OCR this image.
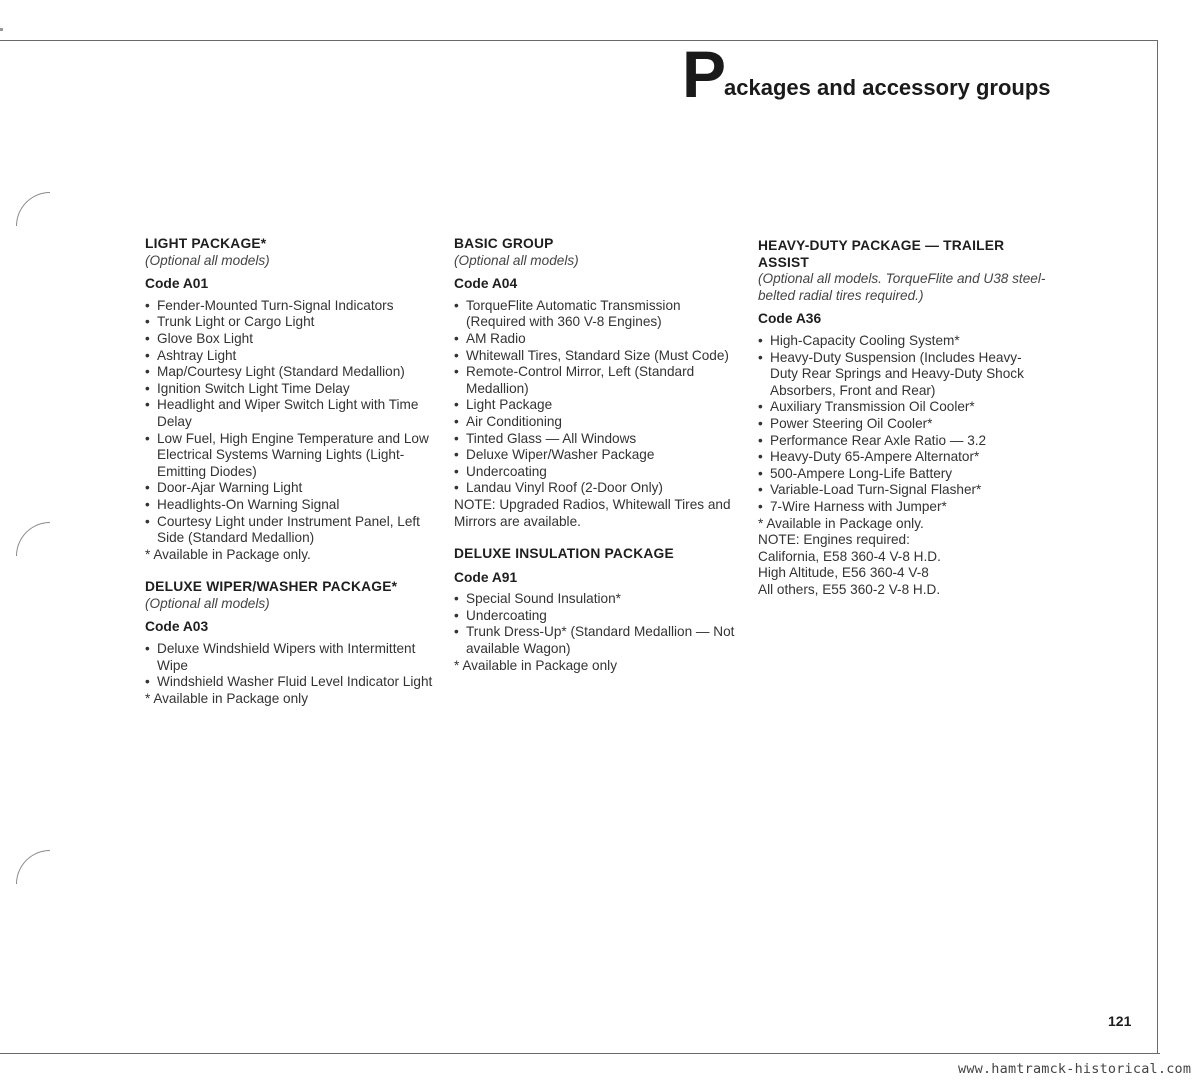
P ackages and accessory groups
LIGHT PACKAGE*
(Optional all models)
Code A01
• Fender-Mounted Turn-Signal Indicators
• Trunk Light or Cargo Light
• Glove Box Light
• Ashtray Light
• Map/Courtesy Light (Standard Medallion)
• Ignition Switch Light Time Delay
• Headlight and Wiper Switch Light with Time Delay
• Low Fuel, High Engine Temperature and Low Electrical Systems Warning Lights (Light-Emitting Diodes)
• Door-Ajar Warning Light
• Headlights-On Warning Signal
• Courtesy Light under Instrument Panel, Left Side (Standard Medallion)
* Available in Package only.
DELUXE WIPER/WASHER PACKAGE*
(Optional all models)
Code A03
• Deluxe Windshield Wipers with Intermittent Wipe
• Windshield Washer Fluid Level Indicator Light
* Available in Package only
BASIC GROUP
(Optional all models)
Code A04
• TorqueFlite Automatic Transmission (Required with 360 V-8 Engines)
• AM Radio
• Whitewall Tires, Standard Size (Must Code)
• Remote-Control Mirror, Left (Standard Medallion)
• Light Package
• Air Conditioning
• Tinted Glass — All Windows
• Deluxe Wiper/Washer Package
• Undercoating
• Landau Vinyl Roof (2-Door Only)
NOTE: Upgraded Radios, Whitewall Tires and Mirrors are available.
DELUXE INSULATION PACKAGE
Code A91
• Special Sound Insulation*
• Undercoating
• Trunk Dress-Up* (Standard Medallion — Not available Wagon)
* Available in Package only
HEAVY-DUTY PACKAGE — TRAILER ASSIST
(Optional all models. TorqueFlite and U38 steel-belted radial tires required.)
Code A36
• High-Capacity Cooling System*
• Heavy-Duty Suspension (Includes Heavy-Duty Rear Springs and Heavy-Duty Shock Absorbers, Front and Rear)
• Auxiliary Transmission Oil Cooler*
• Power Steering Oil Cooler*
• Performance Rear Axle Ratio — 3.2
• Heavy-Duty 65-Ampere Alternator*
• 500-Ampere Long-Life Battery
• Variable-Load Turn-Signal Flasher*
• 7-Wire Harness with Jumper*
* Available in Package only.
NOTE: Engines required:
California, E58 360-4 V-8 H.D.
High Altitude, E56 360-4 V-8
All others, E55 360-2 V-8 H.D.
121
www.hamtramck-historical.com
